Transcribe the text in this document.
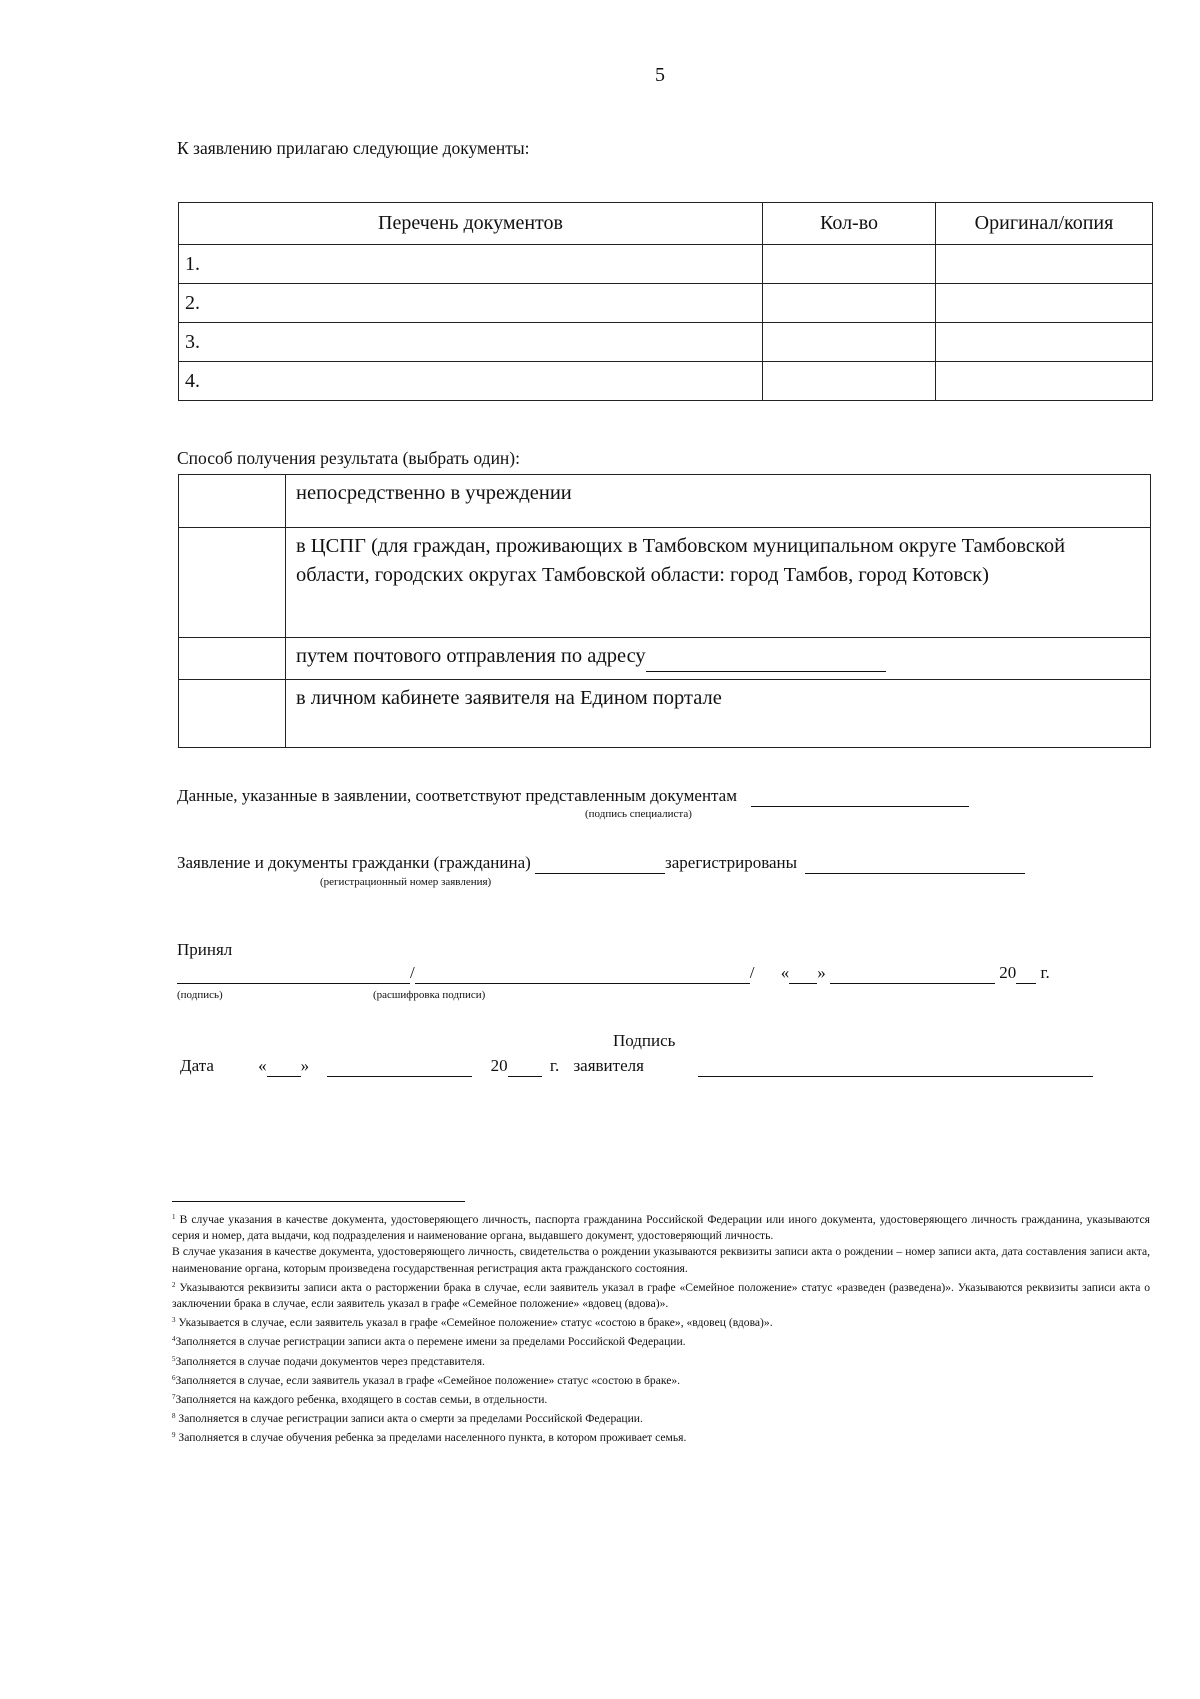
5
К заявлению прилагаю следующие документы:
Перечень документов	Кол-во	Оригинал/копия
1.		
2.		
3.		
4.		
Способ получения результата (выбрать один):
	непосредственно в учреждении
	в ЦСПГ (для граждан, проживающих в Тамбовском муниципальном округе Тамбовской области, городских округах Тамбовской области: город Тамбов, город Котовск)
	путем почтового отправления по адресу
	в личном кабинете заявителя на Едином портале
Данные, указанные в заявлении, соответствуют представленным документам
(подпись специалиста)
Заявление и документы гражданки (гражданина)	зарегистрированы
(регистрационный номер заявления)
Принял
/	/ « »	20 г.
(подпись)	(расшифровка подписи)
Подпись
Дата	« »	20 г. заявителя

$^1$ В случае указания в качестве документа, удостоверяющего личность, паспорта гражданина Российской Федерации или иного документа, удостоверяющего личность гражданина, указываются серия и номер, дата выдачи, код подразделения и наименование органа, выдавшего документ, удостоверяющий личность.

В случае указания в качестве документа, удостоверяющего личность, свидетельства о рождении указываются реквизиты записи акта о рождении – номер записи акта, дата составления записи акта, наименование органа, которым произведена государственная регистрация акта гражданского состояния.

$^2$ Указываются реквизиты записи акта о расторжении брака в случае, если заявитель указал в графе «Семейное положение» статус «разведен (разведена)». Указываются реквизиты записи акта о заключении брака в случае, если заявитель указал в графе «Семейное положение» «вдовец (вдова)».

$^3$ Указывается в случае, если заявитель указал в графе «Семейное положение» статус «состою в браке», «вдовец (вдова)».

$^4$Заполняется в случае регистрации записи акта о перемене имени за пределами Российской Федерации.

$^5$Заполняется в случае подачи документов через представителя.

$^6$Заполняется в случае, если заявитель указал в графе «Семейное положение» статус «состою в браке».

$^7$Заполняется на каждого ребенка, входящего в состав семьи, в отдельности.

$^8$ Заполняется в случае регистрации записи акта о смерти за пределами Российской Федерации.

$^9$ Заполняется в случае обучения ребенка за пределами населенного пункта, в котором проживает семья.
